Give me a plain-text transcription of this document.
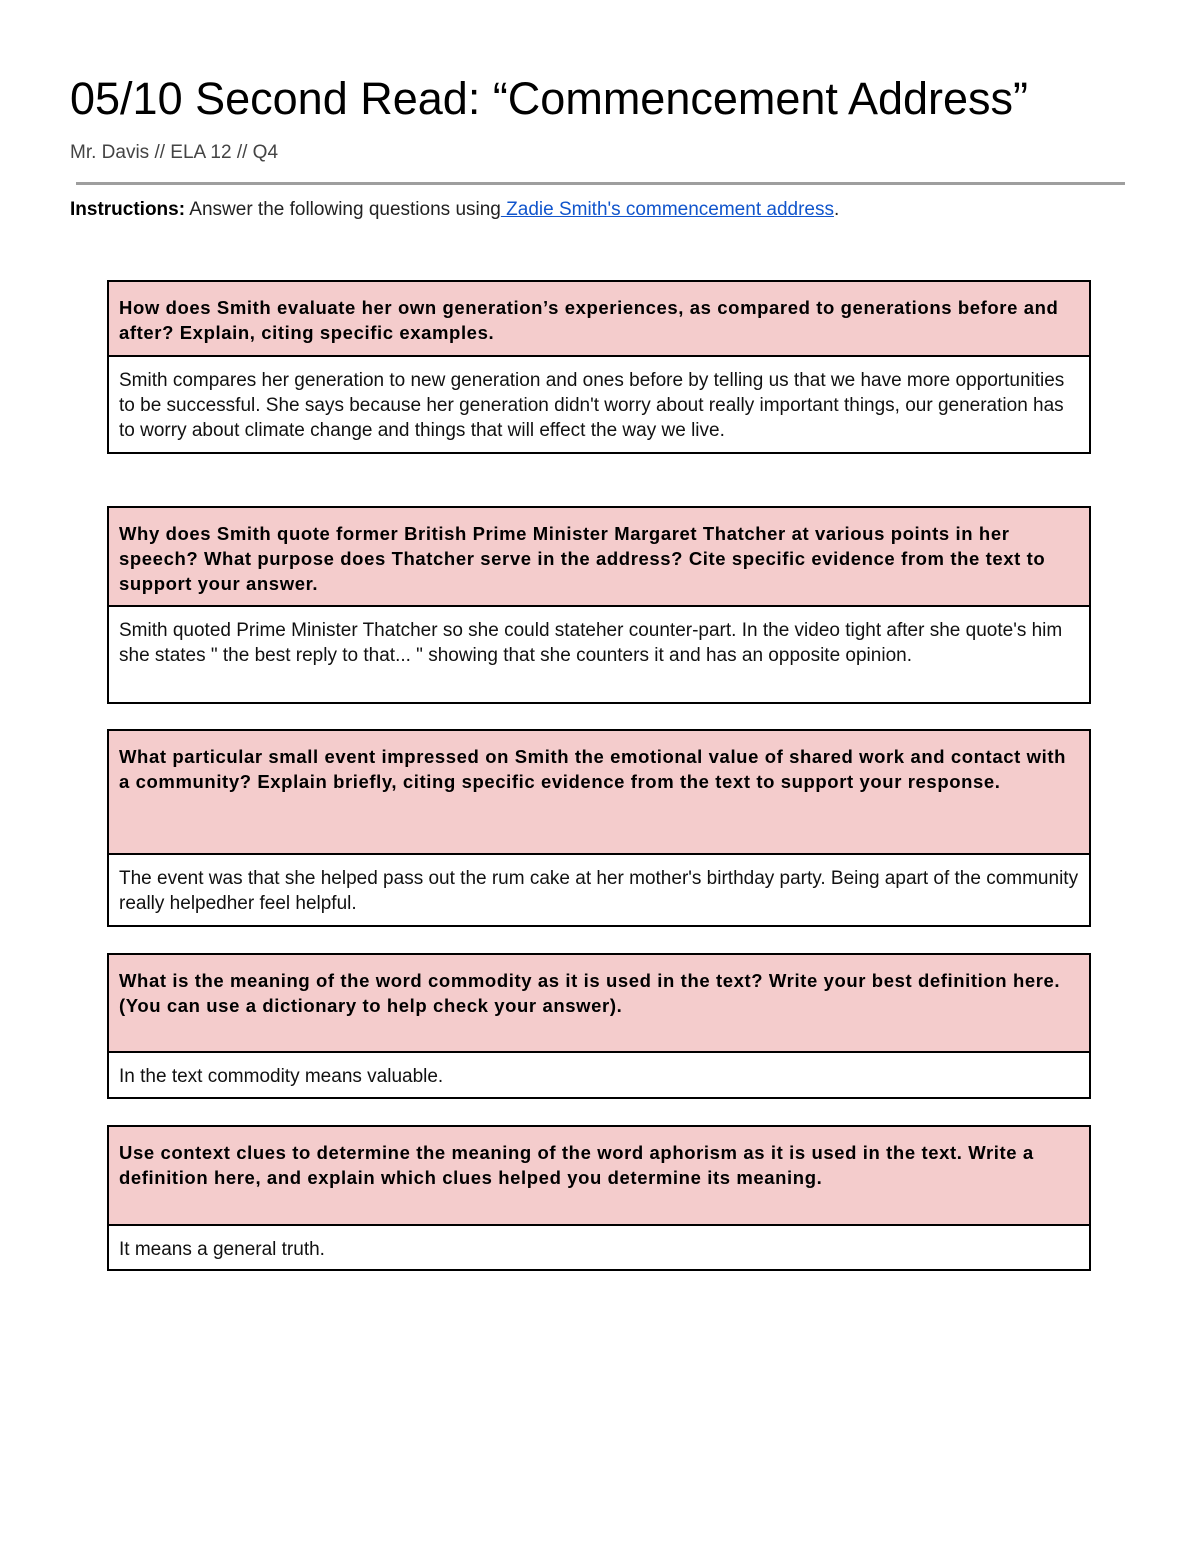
05/10 Second Read: “Commencement Address”
Mr. Davis // ELA 12 // Q4
Instructions: Answer the following questions using Zadie Smith's commencement address.
How does Smith evaluate her own generation’s experiences, as compared to generations before and after? Explain, citing specific examples.
Smith compares her generation to new generation and ones before by telling us that we have more opportunities to be successful. She says because her generation didn't worry about really important things, our generation has to worry about climate change and things that will effect the way we live.
Why does Smith quote former British Prime Minister Margaret Thatcher at various points in her speech? What purpose does Thatcher serve in the address? Cite specific evidence from the text to support your answer.
Smith quoted Prime Minister Thatcher so she could stateher counter-part. In the video tight after she quote's him she states " the best reply to that... " showing that she counters it and has an opposite opinion.
What particular small event impressed on Smith the emotional value of shared work and contact with a community? Explain briefly, citing specific evidence from the text to support your response.
The event was that she helped pass out the rum cake at her mother's birthday party. Being apart of the community really helpedher feel helpful.
What is the meaning of the word commodity as it is used in the text? Write your best definition here. (You can use a dictionary to help check your answer).
In the text commodity means valuable.
Use context clues to determine the meaning of the word aphorism as it is used in the text. Write a definition here, and explain which clues helped you determine its meaning.
It means a general truth.
